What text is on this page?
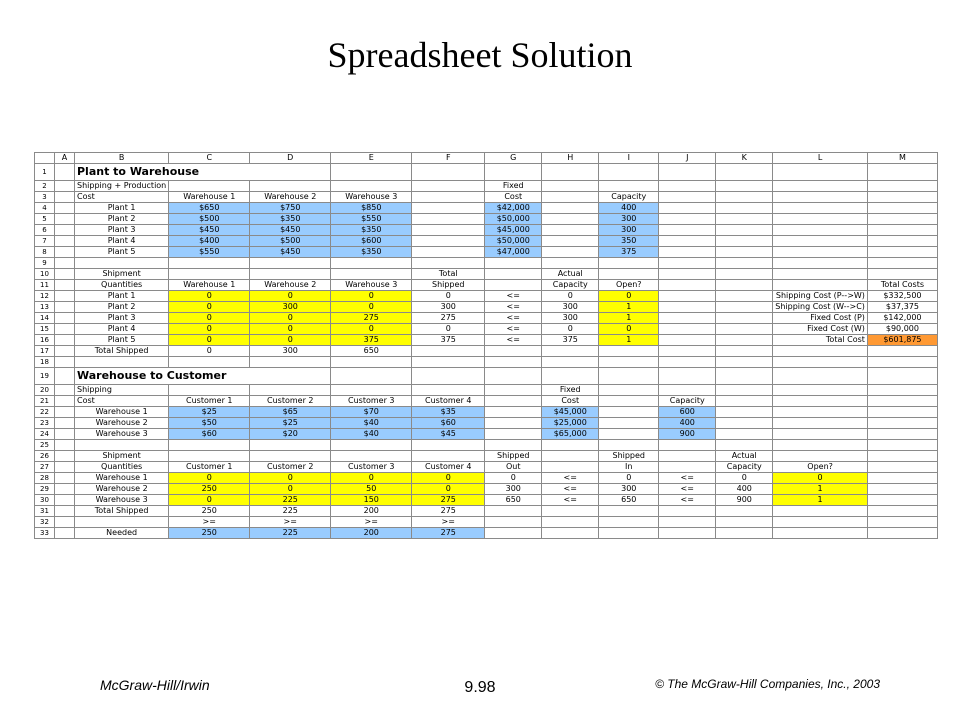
Spreadsheet Solution
	A	B	C	D	E	F	G	H	I	J	K	L	M
1		Plant to Warehouse											
2		Shipping + Production					Fixed						
3		Cost	Warehouse 1	Warehouse 2	Warehouse 3		Cost		Capacity				
4		Plant 1	$650	$750	$850		$42,000		400				
5		Plant 2	$500	$350	$550		$50,000		300				
6		Plant 3	$450	$450	$350		$45,000		300				
7		Plant 4	$400	$500	$600		$50,000		350				
8		Plant 5	$550	$450	$350		$47,000		375				
9													
10		Shipment				Total		Actual					
11		Quantities	Warehouse 1	Warehouse 2	Warehouse 3	Shipped		Capacity	Open?				Total Costs
12		Plant 1	0	0	0	0	<=	0	0			Shipping Cost (P-->W)	$332,500
13		Plant 2	0	300	0	300	<=	300	1			Shipping Cost (W-->C)	$37,375
14		Plant 3	0	0	275	275	<=	300	1			Fixed Cost (P)	$142,000
15		Plant 4	0	0	0	0	<=	0	0			Fixed Cost (W)	$90,000
16		Plant 5	0	0	375	375	<=	375	1			Total Cost	$601,875
17		Total Shipped	0	300	650								
18													
19		Warehouse to Customer											
20		Shipping						Fixed					
21		Cost	Customer 1	Customer 2	Customer 3	Customer 4		Cost		Capacity			
22		Warehouse 1	$25	$65	$70	$35		$45,000		600			
23		Warehouse 2	$50	$25	$40	$60		$25,000		400			
24		Warehouse 3	$60	$20	$40	$45		$65,000		900			
25													
26		Shipment					Shipped		Shipped		Actual		
27		Quantities	Customer 1	Customer 2	Customer 3	Customer 4	Out		In		Capacity	Open?	
28		Warehouse 1	0	0	0	0	0	<=	0	<=	0	0	
29		Warehouse 2	250	0	50	0	300	<=	300	<=	400	1	
30		Warehouse 3	0	225	150	275	650	<=	650	<=	900	1	
31		Total Shipped	250	225	200	275							
32			>=	>=	>=	>=							
33		Needed	250	225	200	275							
McGraw-Hill/Irwin	9.98	© The McGraw-Hill Companies, Inc., 2003
